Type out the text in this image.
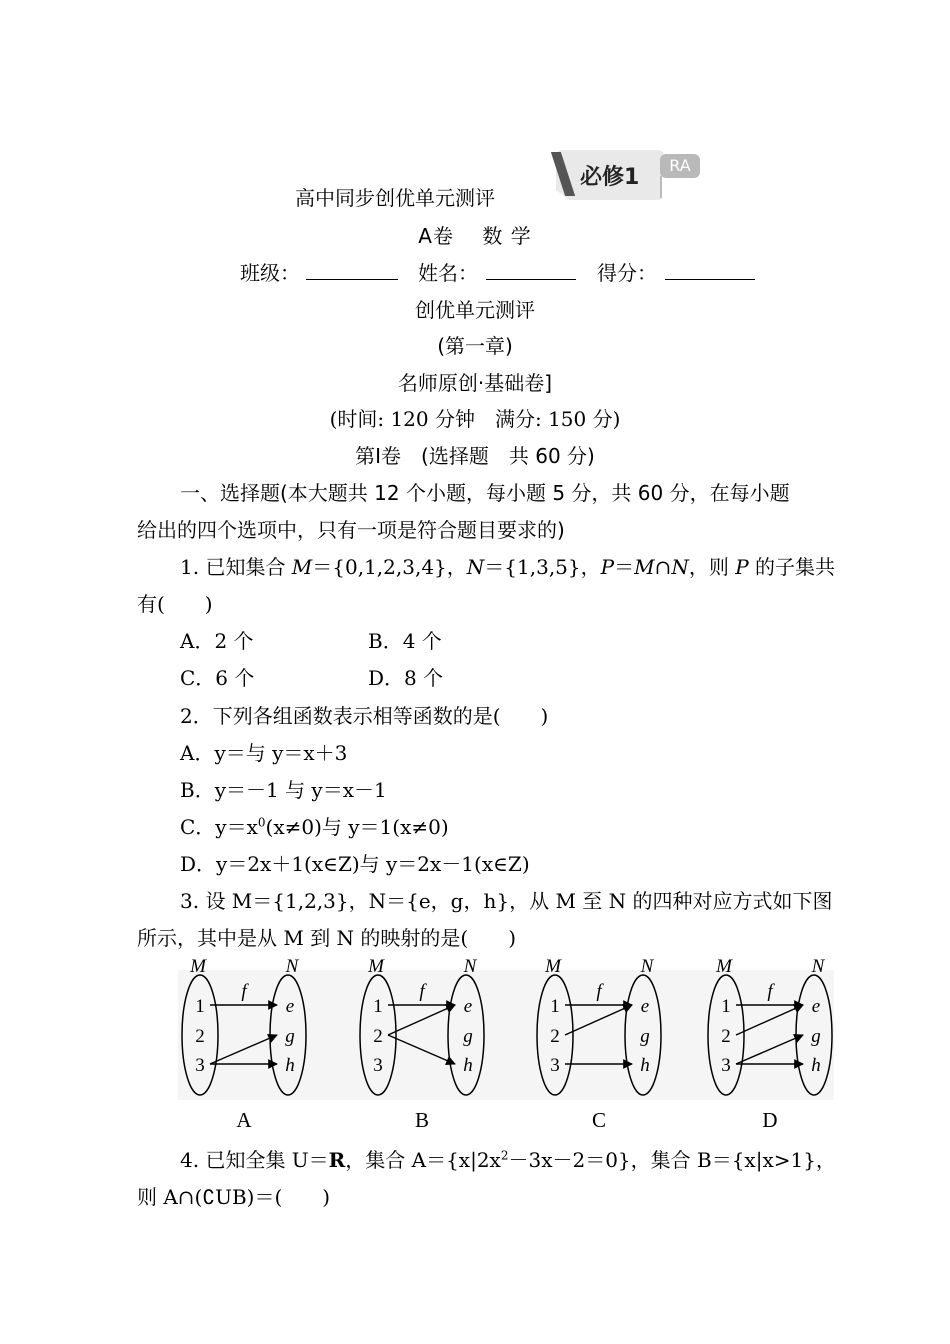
高中同步创优单元测评
必修1	RA
A卷　 数 学
班级：	姓名：	得分：
创优单元测评
(第一章)
名师原创·基础卷]
(时间: 120 分钟　满分: 150 分)
第Ⅰ卷　(选择题　共 60 分)
一、选择题(本大题共 12 个小题，每小题 5 分，共 60 分，在每小题
给出的四个选项中，只有一项是符合题目要求的)
1. 已知集合 M＝{0,1,2,3,4}，N＝{1,3,5}，P＝M∩N，则 P 的子集共
有(　　)
A．2 个	B．4 个
C．6 个	D．8 个
2．下列各组函数表示相等函数的是(　　)
A．y＝与 y＝x＋3
B．y＝－1 与 y＝x－1
C．$y=x^0(x\ne 0)$与 y＝1(x≠0)
D．y＝2x＋1(x∈Z)与 y＝2x－1(x∈Z)
3. 设 M＝{1,2,3}，N＝{e，g，h}，从 M 至 N 的四种对应方式如下图
所示，其中是从 M 到 N 的映射的是(　　)
M	N
f
1
2
3
e
g
h
A
M	N
f
1
2
3
e
g
h
B
M	N
f
1
2
3
e
g
h
C
M	N
f
1
2
3
e
g
h
D
4. 已知全集 U＝R，集合 $A=\{x|2x^2-3x-2=0\}$，集合 B＝{x|x>1}，
则 A∩(∁UB)＝(　　)
